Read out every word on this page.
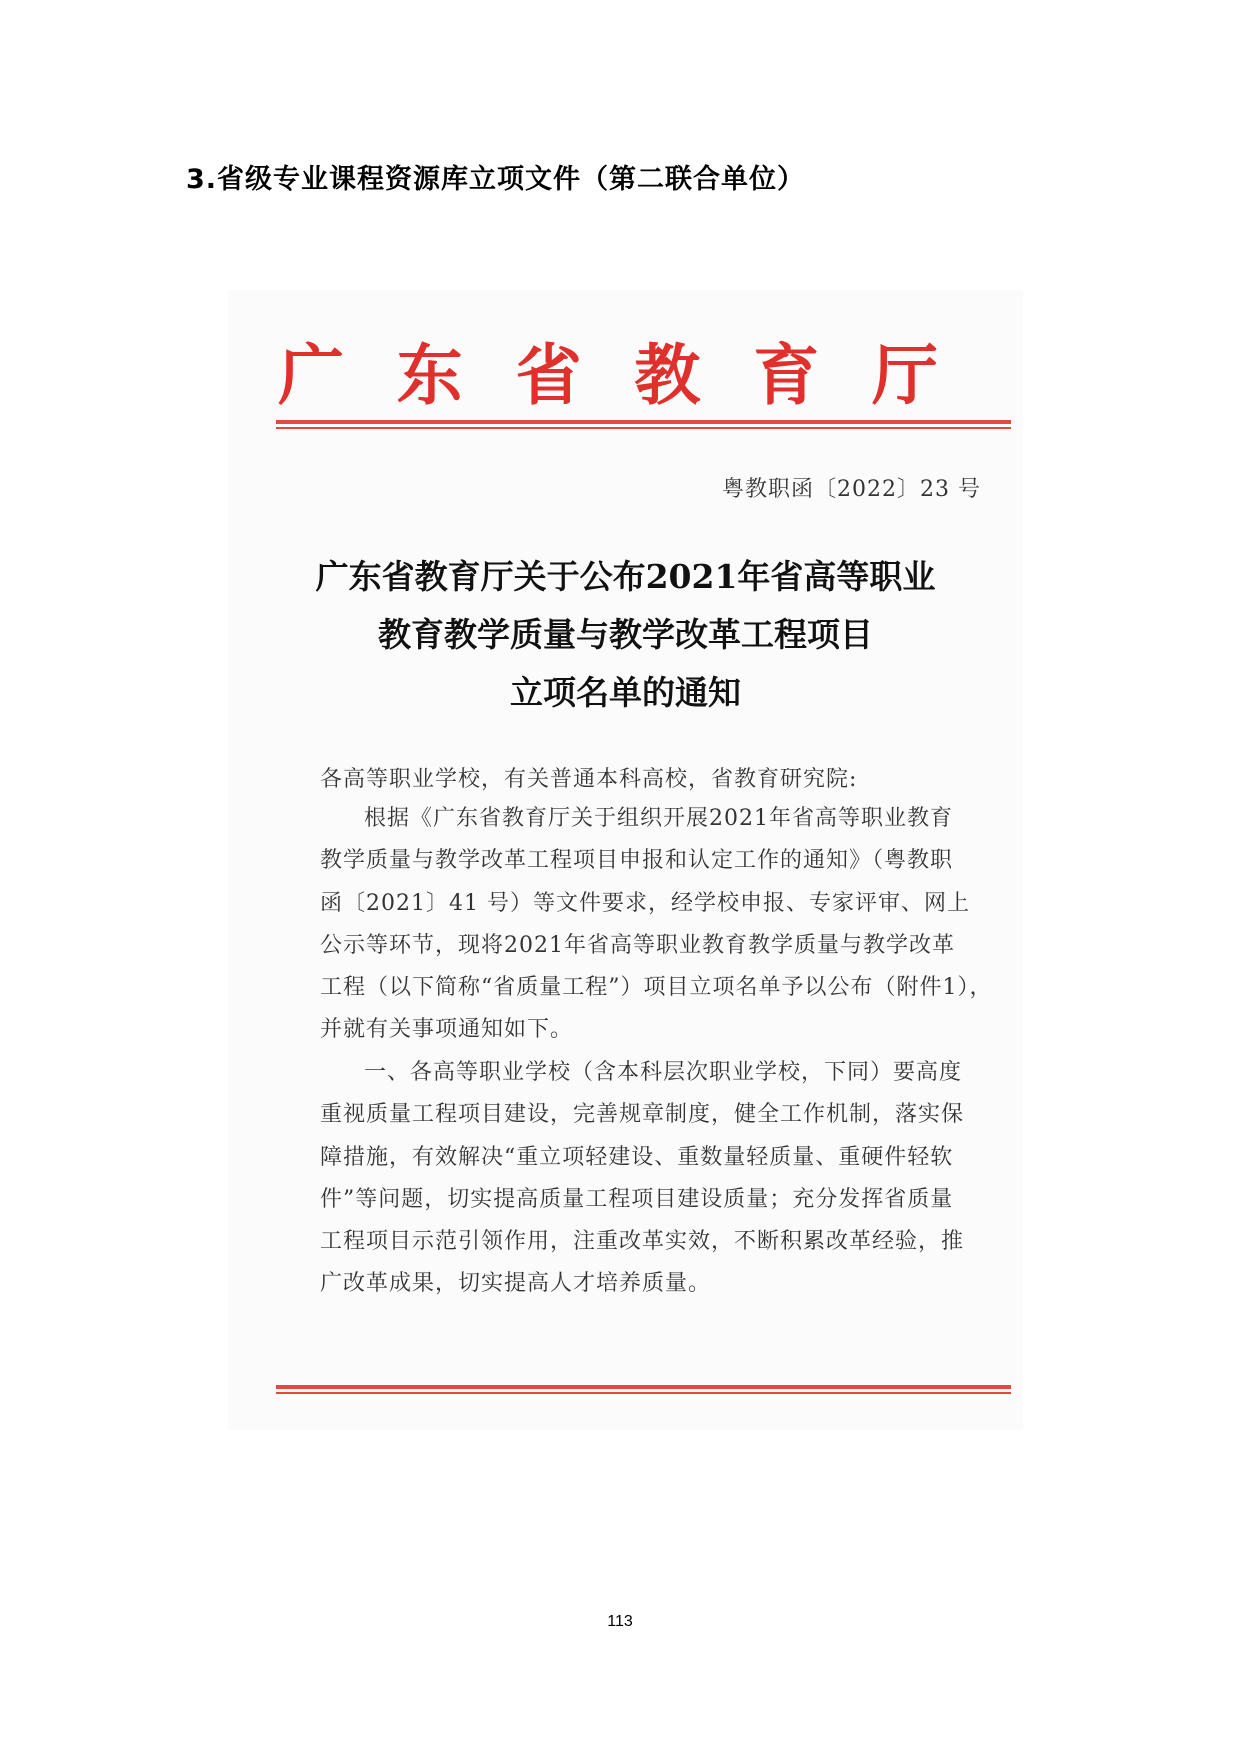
3.省级专业课程资源库立项文件（第二联合单位）
广 东 省 教 育 厅
粤教职函〔2022〕23 号
广东省教育厅关于公布2021年省高等职业
教育教学质量与教学改革工程项目
立项名单的通知
各高等职业学校，有关普通本科高校，省教育研究院:
根据《广东省教育厅关于组织开展2021年省高等职业教育
教学质量与教学改革工程项目申报和认定工作的通知》（粤教职
函〔2021〕41 号）等文件要求，经学校申报、专家评审、网上
公示等环节，现将2021年省高等职业教育教学质量与教学改革
工程（以下简称“省质量工程”）项目立项名单予以公布（附件1），
并就有关事项通知如下。
一、各高等职业学校（含本科层次职业学校，下同）要高度
重视质量工程项目建设，完善规章制度，健全工作机制，落实保
障措施，有效解决“重立项轻建设、重数量轻质量、重硬件轻软
件”等问题，切实提高质量工程项目建设质量；充分发挥省质量
工程项目示范引领作用，注重改革实效，不断积累改革经验，推
广改革成果，切实提高人才培养质量。
113
